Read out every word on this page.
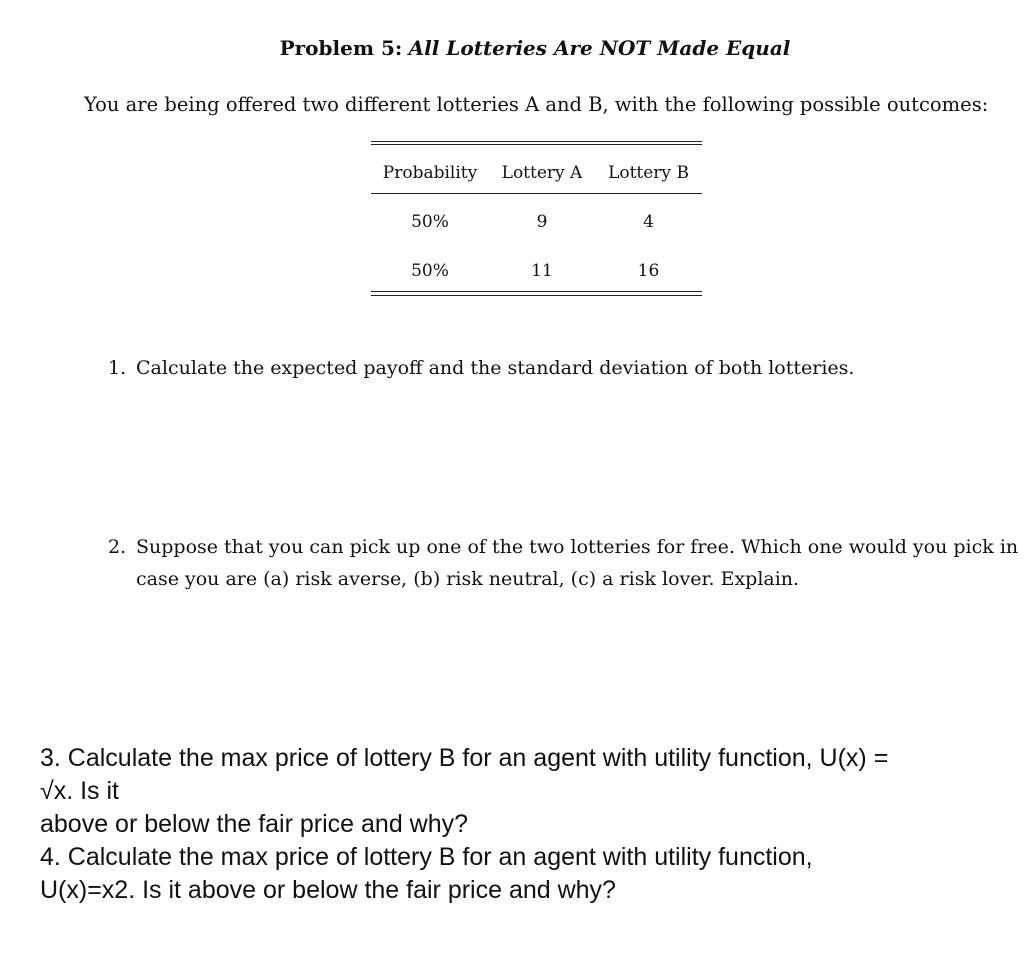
Problem 5: All Lotteries Are NOT Made Equal
You are being offered two different lotteries A and B, with the following possible outcomes:
Probability	Lottery A	Lottery B
50%	9	4
50%	11	16
1. Calculate the expected payoff and the standard deviation of both lotteries.
2. Suppose that you can pick up one of the two lotteries for free. Which one would you pick in
case you are (a) risk averse, (b) risk neutral, (c) a risk lover. Explain.
3. Calculate the max price of lottery B for an agent with utility function, U(x) =
√x. Is it
above or below the fair price and why?
4. Calculate the max price of lottery B for an agent with utility function,
U(x)=x2. Is it above or below the fair price and why?
